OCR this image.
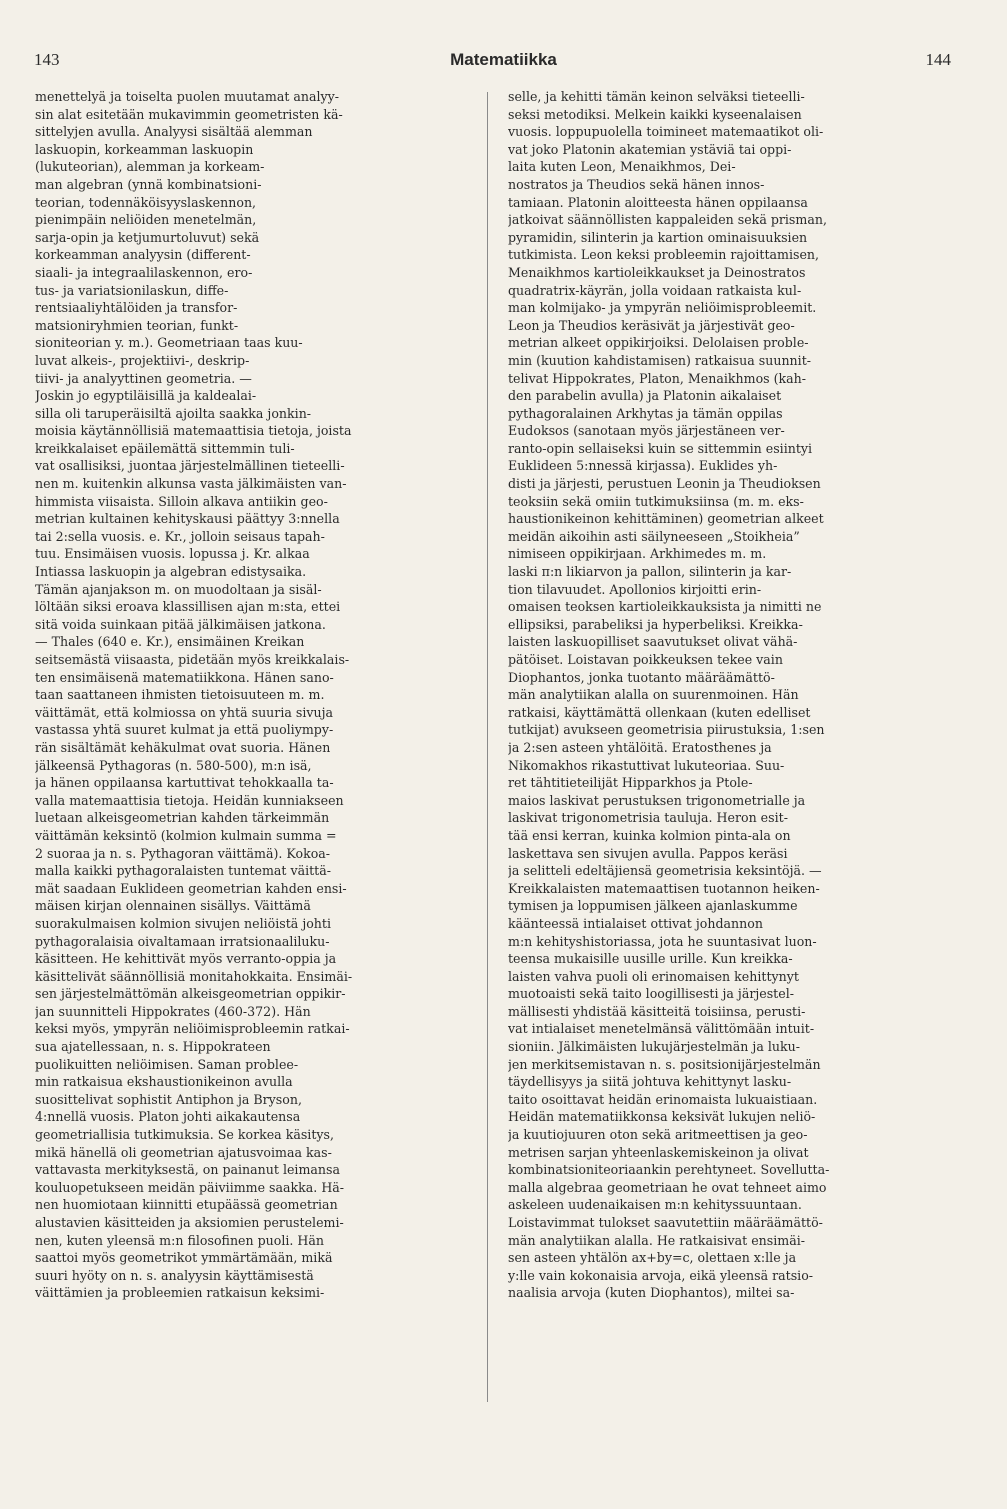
143	Matematiikka	144
menettelyä ja toiselta puolen muutamat analyy-
sin alat esitetään mukavimmin geometristen kä-
sittelyjen avulla. Analyysi sisältää alemman
laskuopin, korkeamman laskuopin
(lukuteorian), alemman ja korkeam-
man algebran (ynnä kombinatsioni-
teorian, todennäköisyyslaskennon,
pienimpäin neliöiden menetelmän,
sarja-opin ja ketjumurtoluvut) sekä
korkeamman analyysin (different-
siaali- ja integraalilaskennon, ero-
tus- ja variatsionilaskun, diffe-
rentsiaaliyhtälöiden ja transfor-
matsioniryhmien teorian, funkt-
sioniteorian y. m.). Geometriaan taas kuu-
luvat alkeis-, projektiivi-, deskrip-
tiivi- ja analyyttinen geometria. —
Joskin jo egyptiläisillä ja kaldealai-
silla oli taruperäisiltä ajoilta saakka jonkin-
moisia käytännöllisiä matemaattisia tietoja, joista
kreikkalaiset epäilemättä sittemmin tuli-
vat osallisiksi, juontaa järjestelmällinen tieteelli-
nen m. kuitenkin alkunsa vasta jälkimäisten van-
himmista viisaista. Silloin alkava antiikin geo-
metrian kultainen kehityskausi päättyy 3:nnella
tai 2:sella vuosis. e. Kr., jolloin seisaus tapah-
tuu. Ensimäisen vuosis. lopussa j. Kr. alkaa
Intiassa laskuopin ja algebran edistysaika.
Tämän ajanjakson m. on muodoltaan ja sisäl-
löltään siksi eroava klassillisen ajan m:sta, ettei
sitä voida suinkaan pitää jälkimäisen jatkona.
— Thales (640 e. Kr.), ensimäinen Kreikan
seitsemästä viisaasta, pidetään myös kreikkalais-
ten ensimäisenä matematiikkona. Hänen sano-
taan saattaneen ihmisten tietoisuuteen m. m.
väittämät, että kolmiossa on yhtä suuria sivuja
vastassa yhtä suuret kulmat ja että puoliympy-
rän sisältämät kehäkulmat ovat suoria. Hänen
jälkeensä Pythagoras (n. 580-500), m:n isä,
ja hänen oppilaansa kartuttivat tehokkaalla ta-
valla matemaattisia tietoja. Heidän kunniakseen
luetaan alkeisgeometrian kahden tärkeimmän
väittämän keksintö (kolmion kulmain summa =
2 suoraa ja n. s. Pythagoran väittämä). Kokoa-
malla kaikki pythagoralaisten tuntemat väittä-
mät saadaan Euklideen geometrian kahden ensi-
mäisen kirjan olennainen sisällys. Väittämä
suorakulmaisen kolmion sivujen neliöistä johti
pythagoralaisia oivaltamaan irratsionaaliluku-
käsitteen. He kehittivät myös verranto-oppia ja
käsittelivät säännöllisiä monitahokkaita. Ensimäi-
sen järjestelmättömän alkeisgeometrian oppikir-
jan suunnitteli Hippokrates (460-372). Hän
keksi myös, ympyrän neliöimisprobleemin ratkai-
sua ajatellessaan, n. s. Hippokrateen
puolikuitten neliöimisen. Saman problee-
min ratkaisua ekshaustionikeinon avulla
suosittelivat sophistit Antiphon ja Bryson,
4:nnellä vuosis. Platon johti aikakautensa
geometriallisia tutkimuksia. Se korkea käsitys,
mikä hänellä oli geometrian ajatusvoimaa kas-
vattavasta merkityksestä, on painanut leimansa
kouluopetukseen meidän päiviimme saakka. Hä-
nen huomiotaan kiinnitti etupäässä geometrian
alustavien käsitteiden ja aksiomien perustelemi-
nen, kuten yleensä m:n filosofinen puoli. Hän
saattoi myös geometrikot ymmärtämään, mikä
suuri hyöty on n. s. analyysin käyttämisestä
väittämien ja probleemien ratkaisun keksimi-
selle, ja kehitti tämän keinon selväksi tieteelli-
seksi metodiksi. Melkein kaikki kyseenalaisen
vuosis. loppupuolella toimineet matemaatikot oli-
vat joko Platonin akatemian ystäviä tai oppi-
laita kuten Leon, Menaikhmos, Dei-
nostratos ja Theudios sekä hänen innos-
tamiaan. Platonin aloitteesta hänen oppilaansa
jatkoivat säännöllisten kappaleiden sekä prisman,
pyramidin, silinterin ja kartion ominaisuuksien
tutkimista. Leon keksi probleemin rajoittamisen,
Menaikhmos kartioleikkaukset ja Deinostratos
quadratrix-käyrän, jolla voidaan ratkaista kul-
man kolmijako- ja ympyrän neliöimisprobleemit.
Leon ja Theudios keräsivät ja järjestivät geo-
metrian alkeet oppikirjoiksi. Delolaisen proble-
min (kuution kahdistamisen) ratkaisua suunnit-
telivat Hippokrates, Platon, Menaikhmos (kah-
den parabelin avulla) ja Platonin aikalaiset
pythagoralainen Arkhytas ja tämän oppilas
Eudoksos (sanotaan myös järjestäneen ver-
ranto-opin sellaiseksi kuin se sittemmin esiintyi
Euklideen 5:nnessä kirjassa). Euklides yh-
disti ja järjesti, perustuen Leonin ja Theudioksen
teoksiin sekä omiin tutkimuksiinsa (m. m. eks-
haustionikeinon kehittäminen) geometrian alkeet
meidän aikoihin asti säilyneeseen „Stoikheia”
nimiseen oppikirjaan. Arkhimedes m. m.
laski π:n likiarvon ja pallon, silinterin ja kar-
tion tilavuudet. Apollonios kirjoitti erin-
omaisen teoksen kartioleikkauksista ja nimitti ne
ellipsiksi, parabeliksi ja hyperbeliksi. Kreikka-
laisten laskuopilliset saavutukset olivat vähä-
pätöiset. Loistavan poikkeuksen tekee vain
Diophantos, jonka tuotanto määräämättö-
män analytiikan alalla on suurenmoinen. Hän
ratkaisi, käyttämättä ollenkaan (kuten edelliset
tutkijat) avukseen geometrisia piirustuksia, 1:sen
ja 2:sen asteen yhtälöitä. Eratosthenes ja
Nikomakhos rikastuttivat lukuteoriaa. Suu-
ret tähtitieteilijät Hipparkhos ja Ptole-
maios laskivat perustuksen trigonometrialle ja
laskivat trigonometrisia tauluja. Heron esit-
tää ensi kerran, kuinka kolmion pinta-ala on
laskettava sen sivujen avulla. Pappos keräsi
ja selitteli edeltäjiensä geometrisia keksintöjä. —
Kreikkalaisten matemaattisen tuotannon heiken-
tymisen ja loppumisen jälkeen ajanlaskumme
käänteessä intialaiset ottivat johdannon
m:n kehityshistoriassa, jota he suuntasivat luon-
teensa mukaisille uusille urille. Kun kreikka-
laisten vahva puoli oli erinomaisen kehittynyt
muotoaisti sekä taito loogillisesti ja järjestel-
mällisesti yhdistää käsitteitä toisiinsa, perusti-
vat intialaiset menetelmänsä välittömään intuit-
sioniin. Jälkimäisten lukujärjestelmän ja luku-
jen merkitsemistavan n. s. positsionijärjestelmän
täydellisyys ja siitä johtuva kehittynyt lasku-
taito osoittavat heidän erinomaista lukuaistiaan.
Heidän matematiikkonsa keksivät lukujen neliö-
ja kuutiojuuren oton sekä aritmeettisen ja geo-
metrisen sarjan yhteenlaskemiskeinon ja olivat
kombinatsioniteoriaankin perehtyneet. Sovellutta-
malla algebraa geometriaan he ovat tehneet aimo
askeleen uudenaikaisen m:n kehityssuuntaan.
Loistavimmat tulokset saavutettiin määräämättö-
män analytiikan alalla. He ratkaisivat ensimäi-
sen asteen yhtälön ax+by=c, olettaen x:lle ja
y:lle vain kokonaisia arvoja, eikä yleensä ratsio-
naalisia arvoja (kuten Diophantos), miltei sa-
